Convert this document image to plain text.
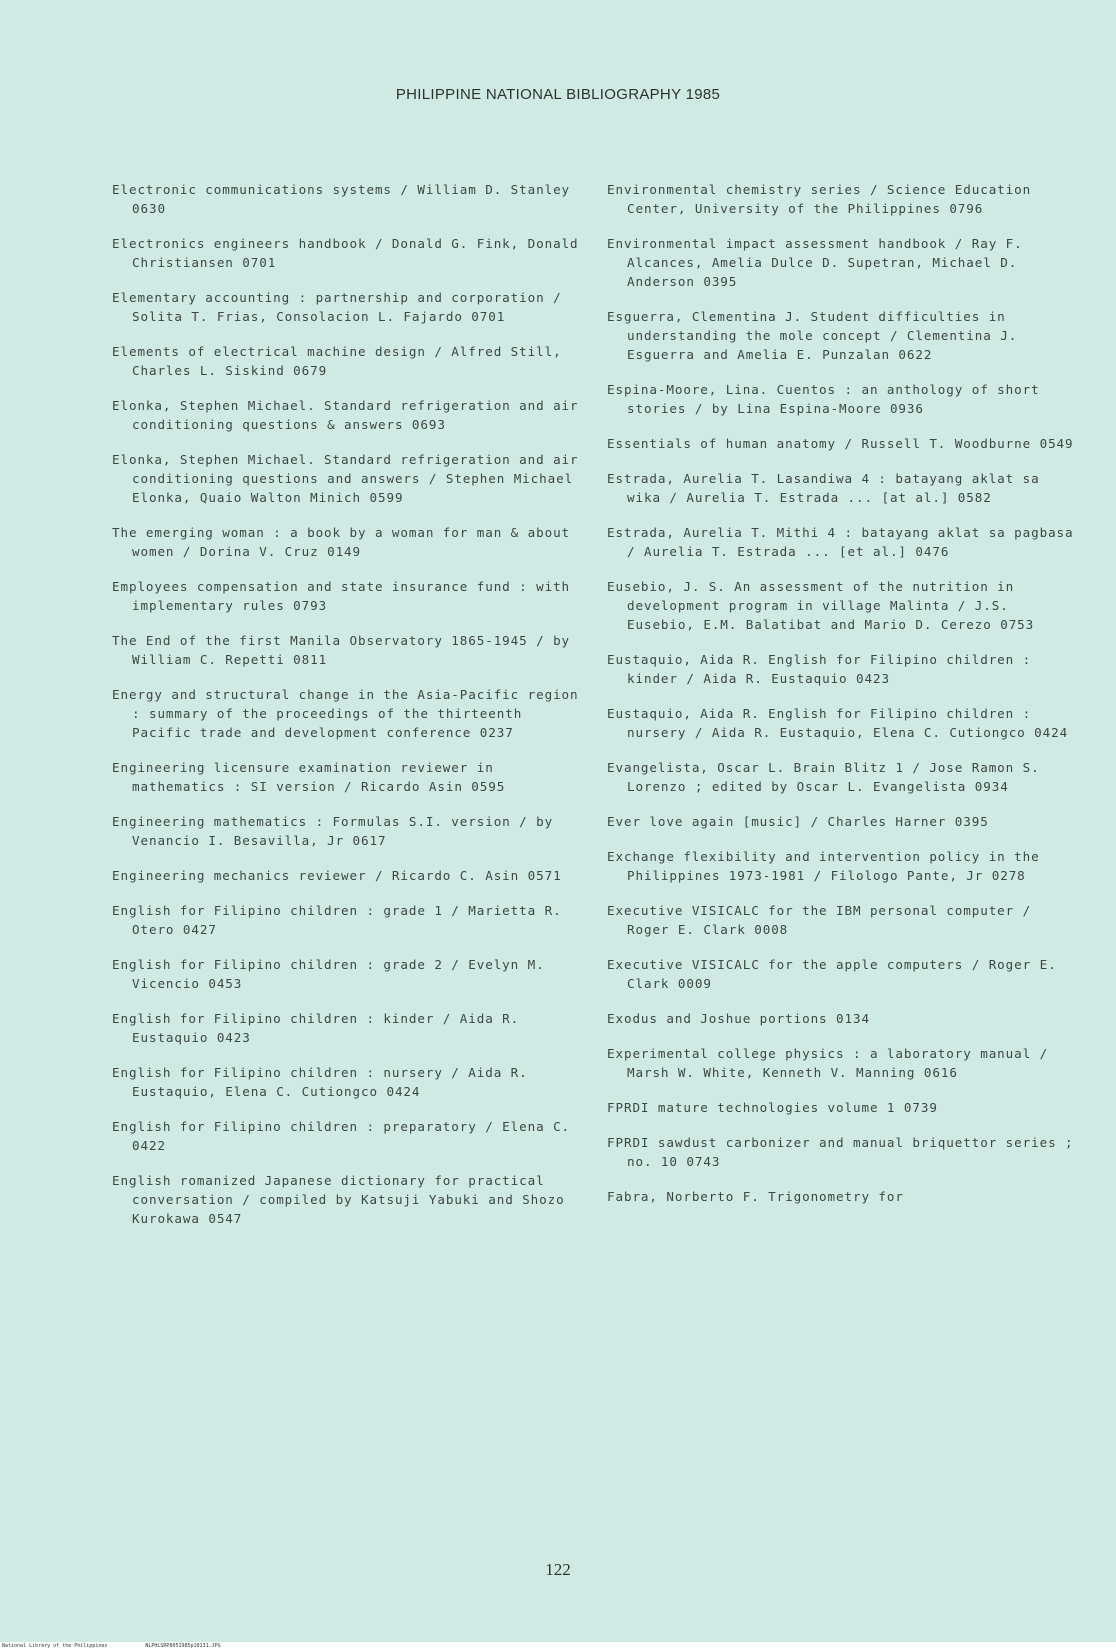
PHILIPPINE NATIONAL BIBLIOGRAPHY 1985
Electronic communications systems / William D. Stanley 0630
Electronics engineers handbook / Donald G. Fink, Donald Christiansen 0701
Elementary accounting : partnership and corporation / Solita T. Frias, Consolacion L. Fajardo 0701
Elements of electrical machine design / Alfred Still, Charles L. Siskind 0679
Elonka, Stephen Michael. Standard refrigeration and air conditioning questions & answers 0693
Elonka, Stephen Michael. Standard refrigeration and air conditioning questions and answers / Stephen Michael Elonka, Quaio Walton Minich 0599
The emerging woman : a book by a woman for man & about women / Dorina V. Cruz 0149
Employees compensation and state insurance fund : with implementary rules 0793
The End of the first Manila Observatory 1865-1945 / by William C. Repetti 0811
Energy and structural change in the Asia-Pacific region : summary of the proceedings of the thirteenth Pacific trade and development conference 0237
Engineering licensure examination reviewer in mathematics : SI version / Ricardo Asin 0595
Engineering mathematics : Formulas S.I. version / by Venancio I. Besavilla, Jr 0617
Engineering mechanics reviewer / Ricardo C. Asin 0571
English for Filipino children : grade 1 / Marietta R. Otero 0427
English for Filipino children : grade 2 / Evelyn M. Vicencio 0453
English for Filipino children : kinder / Aida R. Eustaquio 0423
English for Filipino children : nursery / Aida R. Eustaquio, Elena C. Cutiongco 0424
English for Filipino children : preparatory / Elena C. 0422
English romanized Japanese dictionary for practical conversation / compiled by Katsuji Yabuki and Shozo Kurokawa 0547
Environmental chemistry series / Science Education Center, University of the Philippines 0796
Environmental impact assessment handbook / Ray F. Alcances, Amelia Dulce D. Supetran, Michael D. Anderson 0395
Esguerra, Clementina J. Student difficulties in understanding the mole concept / Clementina J. Esguerra and Amelia E. Punzalan 0622
Espina-Moore, Lina. Cuentos : an anthology of short stories / by Lina Espina-Moore 0936
Essentials of human anatomy / Russell T. Woodburne 0549
Estrada, Aurelia T. Lasandiwa 4 : batayang aklat sa wika / Aurelia T. Estrada ... [at al.] 0582
Estrada, Aurelia T. Mithi 4 : batayang aklat sa pagbasa / Aurelia T. Estrada ... [et al.] 0476
Eusebio, J. S. An assessment of the nutrition in development program in village Malinta / J.S. Eusebio, E.M. Balatibat and Mario D. Cerezo 0753
Eustaquio, Aida R. English for Filipino children : kinder / Aida R. Eustaquio 0423
Eustaquio, Aida R. English for Filipino children : nursery / Aida R. Eustaquio, Elena C. Cutiongco 0424
Evangelista, Oscar L. Brain Blitz 1 / Jose Ramon S. Lorenzo ; edited by Oscar L. Evangelista 0934
Ever love again [music] / Charles Harner 0395
Exchange flexibility and intervention policy in the Philippines 1973-1981 / Filologo Pante, Jr 0278
Executive VISICALC for the IBM personal computer / Roger E. Clark 0008
Executive VISICALC for the apple computers / Roger E. Clark 0009
Exodus and Joshue portions 0134
Experimental college physics : a laboratory manual / Marsh W. White, Kenneth V. Manning 0616
FPRDI mature technologies volume 1 0739
FPRDI sawdust carbonizer and manual briquettor series ; no. 10 0743
Fabra, Norberto F. Trigonometry for
122
National Library of the Philippines	NLPHLSRP8051985p10131.JPG
